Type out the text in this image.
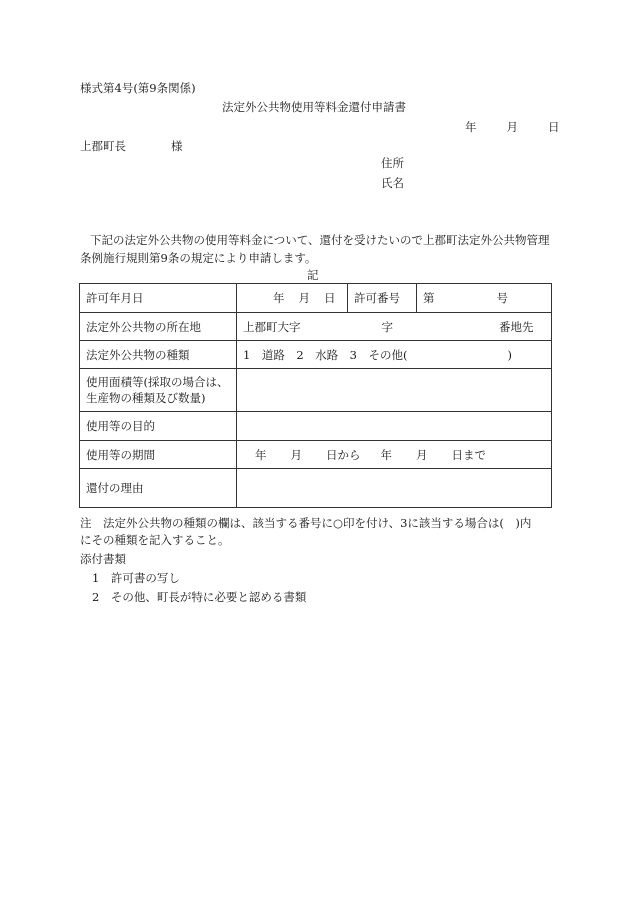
様式第4号(第9条関係)
法定外公共物使用等料金還付申請書
年	月	日
上郡町長	様
住所
氏名
下記の法定外公共物の使用等料金について、還付を受けたいので上郡町法定外公共物管理条例施行規則第9条の規定により申請します。
記
許可年月日	年 月 日	許可番号	第 号
法定外公共物の所在地	上郡町大字 字 番地先		
法定外公共物の種類	1　道路　2　水路　3　その他( )		

使用面積等(採取の場合は、
生産物の種類及び数量)			

使用等の目的			
使用等の期間	年 月 日から 年 月 日まで		
還付の理由			
注　法定外公共物の種類の欄は、該当する番号に○印を付け、3に該当する場合は(　)内
にその種類を記入すること。
添付書類
1　許可書の写し
2　その他、町長が特に必要と認める書類
